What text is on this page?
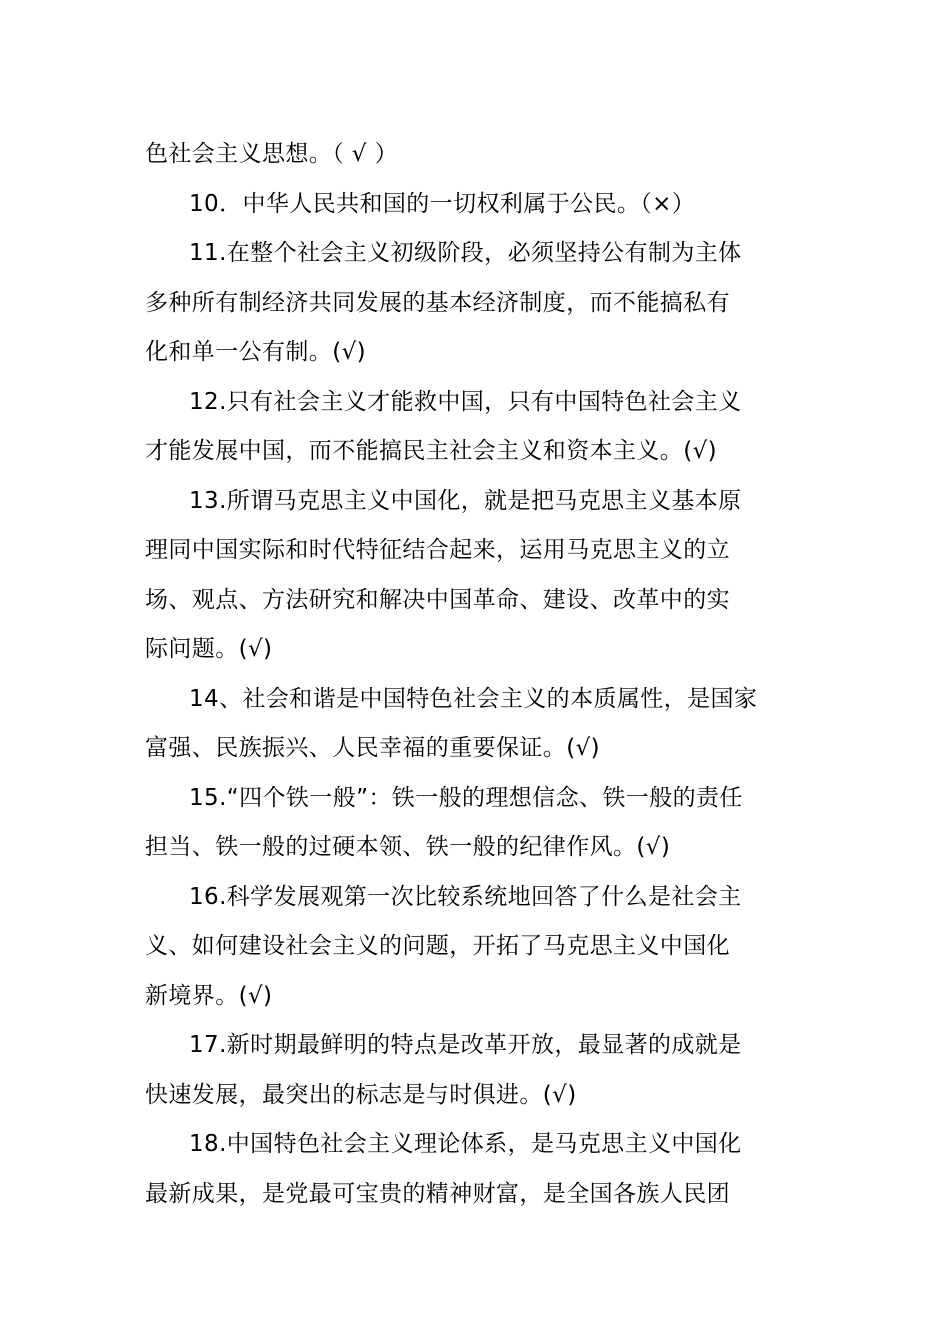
色社会主义思想。（ √ ）
10．中华人民共和国的一切权利属于公民。（×）
11.在整个社会主义初级阶段，必须坚持公有制为主体
多种所有制经济共同发展的基本经济制度，而不能搞私有
化和单一公有制。(√)
12.只有社会主义才能救中国，只有中国特色社会主义
才能发展中国，而不能搞民主社会主义和资本主义。(√)
13.所谓马克思主义中国化，就是把马克思主义基本原
理同中国实际和时代特征结合起来，运用马克思主义的立
场、观点、方法研究和解决中国革命、建设、改革中的实
际问题。(√)
14、社会和谐是中国特色社会主义的本质属性，是国家
富强、民族振兴、人民幸福的重要保证。(√)
15.“四个铁一般”：铁一般的理想信念、铁一般的责任
担当、铁一般的过硬本领、铁一般的纪律作风。(√)
16.科学发展观第一次比较系统地回答了什么是社会主
义、如何建设社会主义的问题，开拓了马克思主义中国化
新境界。(√)
17.新时期最鲜明的特点是改革开放，最显著的成就是
快速发展，最突出的标志是与时俱进。(√)
18.中国特色社会主义理论体系，是马克思主义中国化
最新成果，是党最可宝贵的精神财富，是全国各族人民团
